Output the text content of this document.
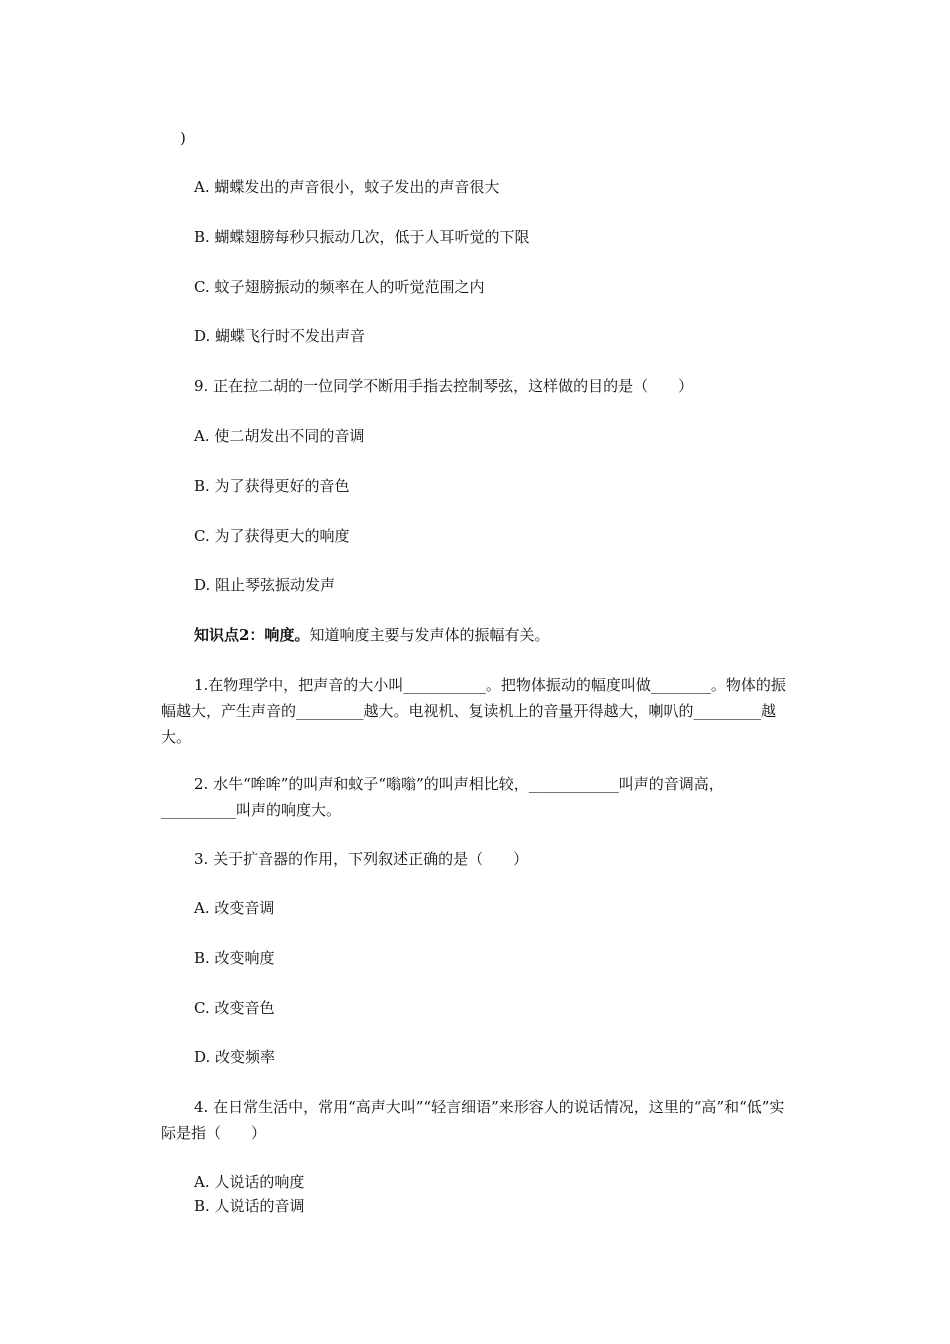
)
A. 蝴蝶发出的声音很小，蚊子发出的声音很大
B. 蝴蝶翅膀每秒只振动几次，低于人耳听觉的下限
C. 蚊子翅膀振动的频率在人的听觉范围之内
D. 蝴蝶飞行时不发出声音
9. 正在拉二胡的一位同学不断用手指去控制琴弦，这样做的目的是（　　）
A. 使二胡发出不同的音调
B. 为了获得更好的音色
C. 为了获得更大的响度
D. 阻止琴弦振动发声
知识点2：响度。知道响度主要与发声体的振幅有关。
1.在物理学中，把声音的大小叫___________。把物体振动的幅度叫做________。物体的振幅越大，产生声音的_________越大。电视机、复读机上的音量开得越大，喇叭的_________越大。
2. 水牛“哞哞”的叫声和蚊子“嗡嗡”的叫声相比较，____________叫声的音调高，__________叫声的响度大。
3. 关于扩音器的作用，下列叙述正确的是（　　）
A. 改变音调
B. 改变响度
C. 改变音色
D. 改变频率
4. 在日常生活中，常用“高声大叫”“轻言细语”来形容人的说话情况，这里的“高”和“低”实际是指（　　）
A. 人说话的响度
B. 人说话的音调
